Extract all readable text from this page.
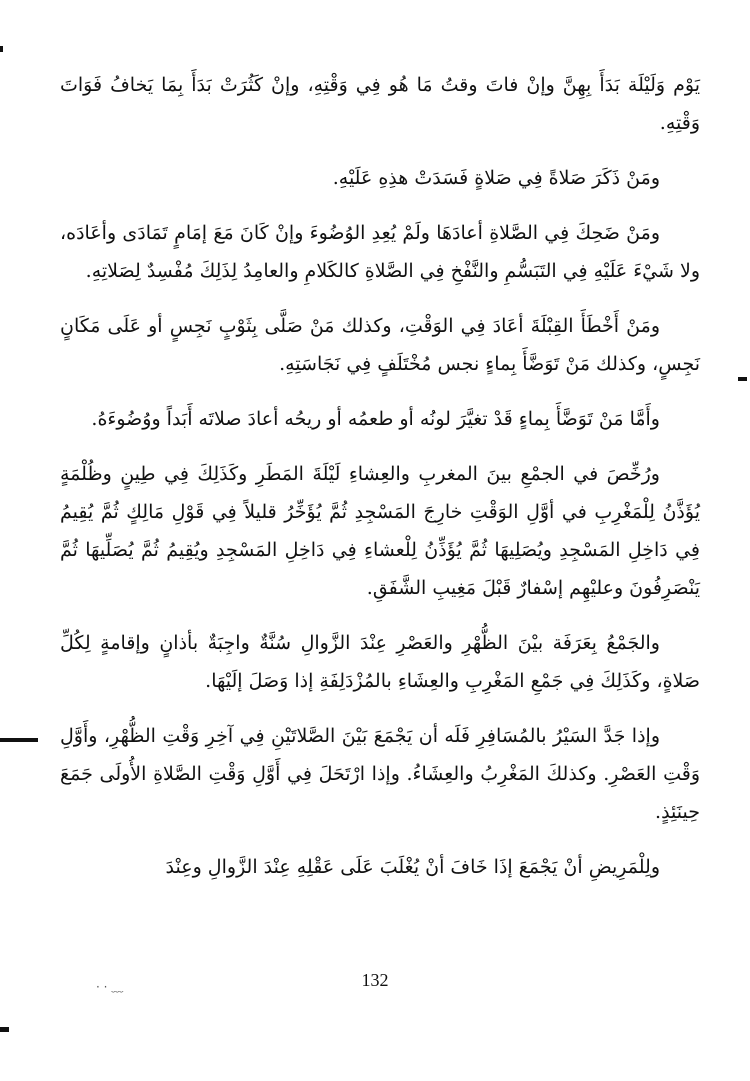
· · ﹏

يَوْم وَلَيْلَة بَدَأَ بِهِنَّ وإنْ فاتَ وقتُ مَا هُو فِي وَقْتِهِ، وإنْ كَثُرَتْ بَدَأَ بِمَا يَخافُ فَوَاتَ وَقْتِهِ.

ومَنْ ذَكَرَ صَلاةً فِي صَلاةٍ فَسَدَتْ هذِهِ عَلَيْهِ.

ومَنْ ضَحِكَ فِي الصَّلاةِ أعادَهَا ولَمْ يُعِدِ الوُضُوءَ وإنْ كَانَ مَعَ إمَامٍ تَمَادَى وأعَادَه، ولا شَيْءَ عَلَيْهِ فِي التَبَسُّمِ والنَّفْخِ فِي الصَّلاةِ كالكَلامِ والعامِدُ لِذَلِكَ مُفْسِدٌ لِصَلاتِهِ.

ومَنْ أَخْطَأَ القِبْلَةَ أعَادَ فِي الوَقْتِ، وكذلك مَنْ صَلَّى بِثَوْبٍ نَجِسٍ أو عَلَى مَكَانٍ نَجِسٍ، وكذلك مَنْ تَوَضَّأَ بِماءٍ نجس مُخْتَلَفٍ فِي نَجَاسَتِهِ.

وأَمَّا مَنْ تَوَضَّأَ بِماءٍ قَدْ تغيَّرَ لونُه أو طعمُه أو ريحُه أعادَ صلاتَه أَبَداً ووُضُوءَهُ.

ورُخِّصَ في الجمْعِ بينَ المغربِ والعِشاءِ لَيْلَةَ المَطَرِ وكَذَلِكَ فِي طِينٍ وظُلْمَةٍ يُؤَذَّنُ لِلْمَغْرِبِ في أوَّلِ الوَقْتِ خارِجَ المَسْجِدِ ثُمَّ يُؤَخِّرُ قليلاً فِي قَوْلِ مَالِكٍ ثُمَّ يُقِيمُ فِي دَاخِلِ المَسْجِدِ ويُصَلِيهَا ثُمَّ يُؤَذِّنُ لِلْعشاءِ فِي دَاخِلِ المَسْجِدِ ويُقِيمُ ثُمَّ يُصَلِّيهَا ثُمَّ يَنْصَرِفُونَ وعليْهِم إسْفارٌ قَبْلَ مَغِيبِ الشَّفَقِ.

والجَمْعُ بِعَرَفَة بيْنَ الظُّهْرِ والعَصْرِ عِنْدَ الزَّوالِ سُنَّةٌ واجِبَةٌ بأذانٍ وإقامةٍ لِكُلِّ صَلاةٍ، وكَذَلِكَ فِي جَمْعِ المَغْرِبِ والعِشَاءِ بالمُزْدَلِفَةِ إذا وَصَلَ إلَيْهَا.

وإذا جَدَّ السَيْرُ بالمُسَافِرِ فَلَه أن يَجْمَعَ بَيْنَ الصَّلاتَيْنِ فِي آخِرِ وَقْتِ الظُّهْرِ، وأَوَّلِ وَقْتِ العَصْرِ. وكذلكَ المَغْرِبُ والعِشَاءُ. وإذا ارْتَحَلَ فِي أَوَّلِ وَقْتِ الصَّلاةِ الأُولَى جَمَعَ حِينَئِذٍ.

ولِلْمَرِيضِ أنْ يَجْمَعَ إذَا خَافَ أنْ يُغْلَبَ عَلَى عَقْلِهِ عِنْدَ الزَّوالِ وعِنْدَ

132
